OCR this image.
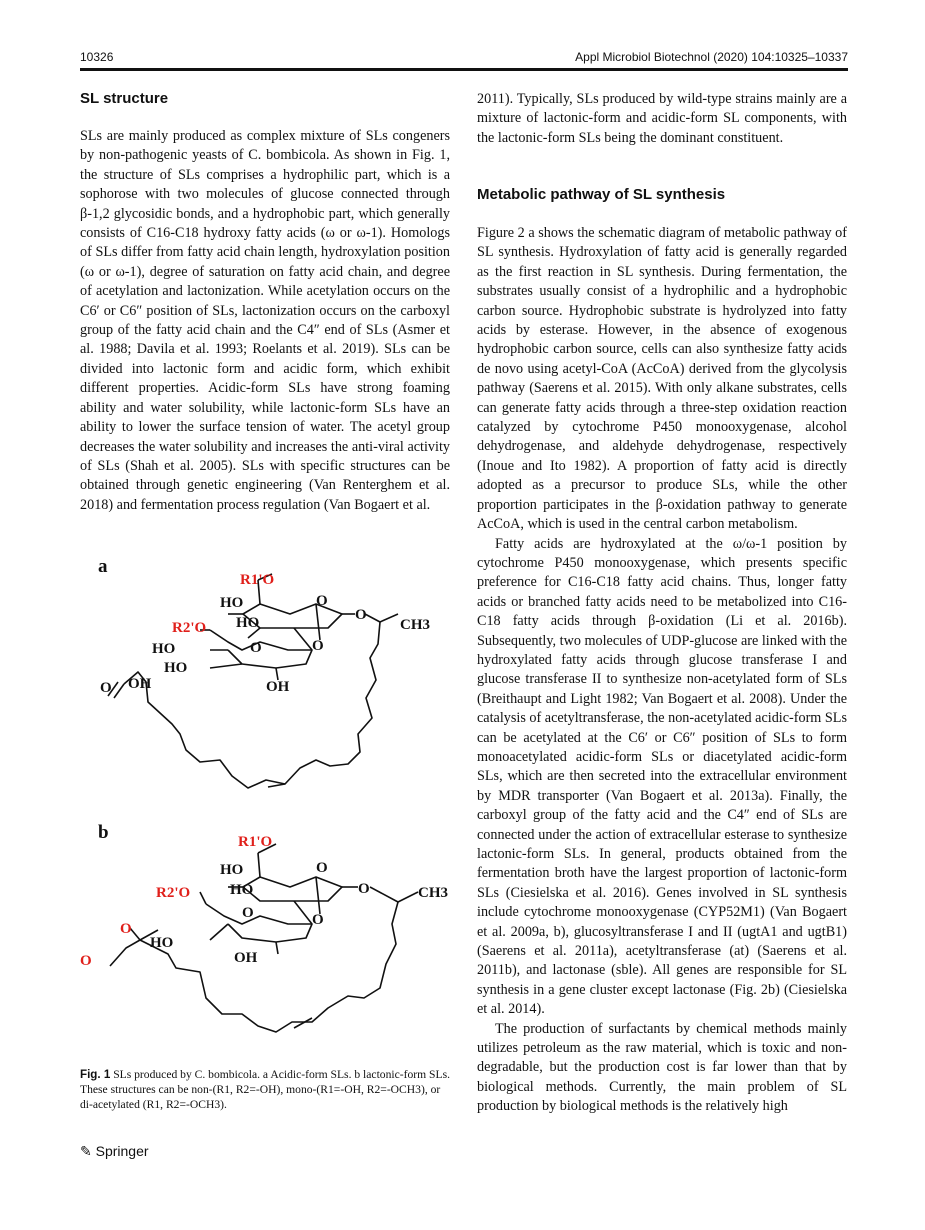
10326	Appl Microbiol Biotechnol (2020) 104:10325–10337
SL structure

SLs are mainly produced as complex mixture of SLs congeners by non-pathogenic yeasts of C. bombicola. As shown in Fig. 1, the structure of SLs comprises a hydrophilic part, which is a sophorose with two molecules of glucose connected through β-1,2 glycosidic bonds, and a hydrophobic part, which generally consists of C16-C18 hydroxy fatty acids (ω or ω-1). Homologs of SLs differ from fatty acid chain length, hydroxylation position (ω or ω-1), degree of saturation on fatty acid chain, and degree of acetylation and lactonization. While acetylation occurs on the C6′ or C6″ position of SLs, lactonization occurs on the carboxyl group of the fatty acid chain and the C4″ end of SLs (Asmer et al. 1988; Davila et al. 1993; Roelants et al. 2019). SLs can be divided into lactonic form and acidic form, which exhibit different properties. Acidic-form SLs have strong foaming ability and water solubility, while lactonic-form SLs have an ability to lower the surface tension of water. The acetyl group decreases the water solubility and increases the anti-viral activity of SLs (Shah et al. 2005). SLs with specific structures can be obtained through genetic engineering (Van Renterghem et al. 2018) and fermentation process regulation (Van Bogaert et al.

a
b
R1'O
HO
HO
O
O
CH3
R2'O
HO
HO
O
O
OH
O OH
R1'O
HO
HO
O
O	CH3
R2'O
O
O
HO
OH
O
O
Fig. 1 SLs produced by C. bombicola. a Acidic-form SLs. b lactonic-form SLs. These structures can be non-(R1, R2=-OH), mono-(R1=-OH, R2=-OCH3), or di-acetylated (R1, R2=-OCH3).
✎ Springer

2011). Typically, SLs produced by wild-type strains mainly are a mixture of lactonic-form and acidic-form SL components, with the lactonic-form SLs being the dominant constituent.

Metabolic pathway of SL synthesis

Figure 2 a shows the schematic diagram of metabolic pathway of SL synthesis. Hydroxylation of fatty acid is generally regarded as the first reaction in SL synthesis. During fermentation, the substrates usually consist of a hydrophilic and a hydrophobic carbon source. Hydrophobic substrate is hydrolyzed into fatty acids by esterase. However, in the absence of exogenous hydrophobic carbon source, cells can also synthesize fatty acids de novo using acetyl-CoA (AcCoA) derived from the glycolysis pathway (Saerens et al. 2015). With only alkane substrates, cells can generate fatty acids through a three-step oxidation reaction catalyzed by cytochrome P450 monooxygenase, alcohol dehydrogenase, and aldehyde dehydrogenase, respectively (Inoue and Ito 1982). A proportion of fatty acid is directly adopted as a precursor to produce SLs, while the other proportion participates in the β-oxidation pathway to generate AcCoA, which is used in the central carbon metabolism.

Fatty acids are hydroxylated at the ω/ω-1 position by cytochrome P450 monooxygenase, which presents specific preference for C16-C18 fatty acid chains. Thus, longer fatty acids or branched fatty acids need to be metabolized into C16-C18 fatty acids through β-oxidation (Li et al. 2016b). Subsequently, two molecules of UDP-glucose are linked with the hydroxylated fatty acids through glucose transferase I and glucose transferase II to synthesize non-acetylated form of SLs (Breithaupt and Light 1982; Van Bogaert et al. 2008). Under the catalysis of acetyltransferase, the non-acetylated acidic-form SLs can be acetylated at the C6′ or C6″ position of SLs to form monoacetylated acidic-form SLs or diacetylated acidic-form SLs, which are then secreted into the extracellular environment by MDR transporter (Van Bogaert et al. 2013a). Finally, the carboxyl group of the fatty acid and the C4″ end of SLs are connected under the action of extracellular esterase to synthesize lactonic-form SLs. In general, products obtained from the fermentation broth have the largest proportion of lactonic-form SLs (Ciesielska et al. 2016). Genes involved in SL synthesis include cytochrome monooxygenase (CYP52M1) (Van Bogaert et al. 2009a, b), glucosyltransferase I and II (ugtA1 and ugtB1) (Saerens et al. 2011a), acetyltransferase (at) (Saerens et al. 2011b), and lactonase (sble). All genes are responsible for SL synthesis in a gene cluster except lactonase (Fig. 2b) (Ciesielska et al. 2014).

The production of surfactants by chemical methods mainly utilizes petroleum as the raw material, which is toxic and non-degradable, but the production cost is far lower than that by biological methods. Currently, the main problem of SL production by biological methods is the relatively high
